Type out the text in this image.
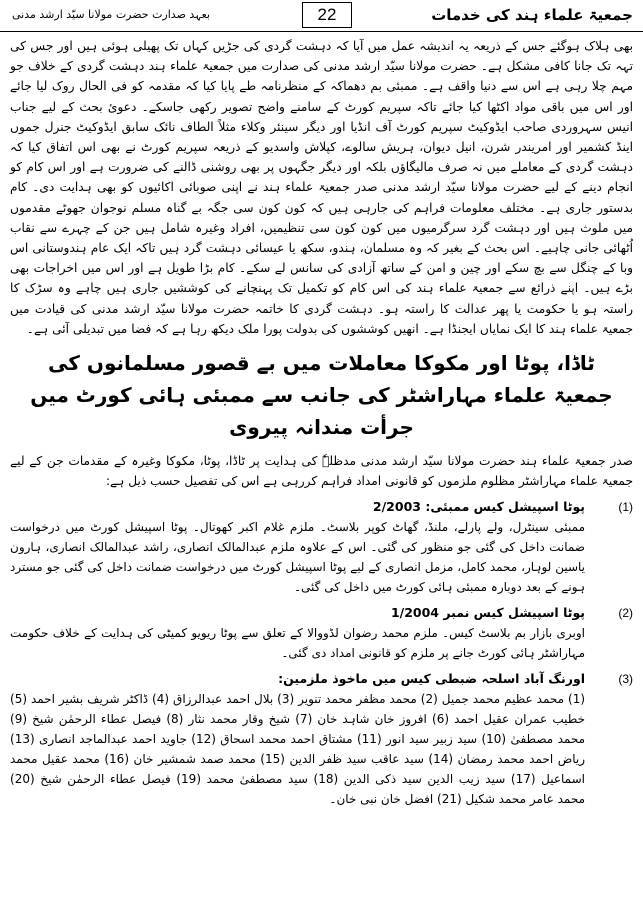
جمعیۃ علماء ہند کی خدمات
22
بعہد صدارت حضرت مولانا سیّد ارشد مدنی

بھی ہلاک ہوگئے جس کے ذریعہ یہ اندیشہ عمل میں آیا کہ دہشت گردی کی جڑیں کہاں تک پھیلی ہوئی ہیں اور جس کی تہہ تک جانا کافی مشکل ہے۔ حضرت مولانا سیّد ارشد مدنی کی صدارت میں جمعیۃ علماء ہند دہشت گردی کے خلاف جو مہم چلا رہی ہے اس سے دنیا واقف ہے۔ ممبئی بم دھماکہ کے منظرنامہ طے پایا کیا کہ مقدمہ کو فی الحال روک لیا جائے اور اس میں باقی مواد اکٹھا کیا جائے تاکہ سپریم کورٹ کے سامنے واضح تصویر رکھی جاسکے۔ دعوئ بحث کے لیے جناب انیس سہروردی صاحب ایڈوکیٹ سپریم کورٹ آف انڈیا اور دیگر سینئر وکلاء مثلاً الطاف نائک سابق ایڈوکیٹ جنرل جموں اینڈ کشمیر اور امریندر شرن، انیل دیوان، ہریش سالوے، کپلاش واسدیو کے ذریعہ سپریم کورٹ نے بھی اس اتفاق کیا کہ دہشت گردی کے معاملے میں نہ صرف مالیگاؤں بلکہ اور دیگر جگہوں پر بھی روشنی ڈالنے کی ضرورت ہے اور اس کام کو انجام دینے کے لیے حضرت مولانا سیّد ارشد مدنی صدر جمعیۃ علماء ہند نے اپنی صوبائی اکائیوں کو بھی ہدایت دی۔ کام بدستور جاری ہے۔ مختلف معلومات فراہم کی جارہی ہیں کہ کون کون سی جگہ بے گناہ مسلم نوجوان جھوٹے مقدموں میں ملوث ہیں اور دہشت گرد سرگرمیوں میں کون کون سی تنظیمیں، افراد وغیرہ شامل ہیں جن کے چہرے سے نقاب اُٹھائی جانی چاہیے۔ اس بحث کے بغیر کہ وہ مسلمان، ہندو، سکھ یا عیسائی دہشت گرد ہیں تاکہ ایک عام ہندوستانی اس وبا کے چنگل سے بچ سکے اور چین و امن کے ساتھ آزادی کی سانس لے سکے۔ کام بڑا طویل ہے اور اس میں اخراجات بھی بڑے ہیں۔ اپنے ذرائع سے جمعیۃ علماء ہند کی اس کام کو تکمیل تک پہنچانے کی کوششیں جاری ہیں چاہے وہ سڑک کا راستہ ہو یا حکومت یا پھر عدالت کا راستہ ہو۔ دہشت گردی کا خاتمہ حضرت مولانا سیّد ارشد مدنی کی قیادت میں جمعیۃ علماء ہند کا ایک نمایاں ایجنڈا ہے۔ انھیں کوششوں کی بدولت پورا ملک دیکھ رہا ہے کہ فضا میں تبدیلی آئی ہے۔

ٹاڈا، پوٹا اور مکوکا معاملات میں بے قصور مسلمانوں کی

جمعیۃ علماء مہاراشٹر کی جانب سے ممبئی ہائی کورٹ میں جرأت مندانہ پیروی

صدر جمعیۃ علماء ہند حضرت مولانا سیّد ارشد مدنی مدظلہٗ کی ہدایت پر ٹاڈا، پوٹا، مکوکا وغیرہ کے مقدمات جن کے لیے جمعیۃ علماء مہاراشٹر مظلوم ملزموں کو قانونی امداد فراہم کررہی ہے اس کی تفصیل حسب ذیل ہے:

(1)

پوٹا اسپیشل کیس ممبئی: 2/2003

ممبئی سینٹرل، ولے پارلے، ملنڈ، گھاٹ کوپر بلاسٹ۔ ملزم غلام اکبر کھوتال۔ پوٹا اسپیشل کورٹ میں درخواست ضمانت داخل کی گئی جو منظور کی گئی۔ اس کے علاوہ ملزم عبدالمالک انصاری، راشد عبدالمالک انصاری، ہارون یاسین لوہار، محمد کامل، مزمل انصاری کے لیے پوٹا اسپیشل کورٹ میں درخواست ضمانت داخل کی گئی جو مسترد ہونے کے بعد دوبارہ ممبئی ہائی کورٹ میں داخل کی گئی۔

(2)

پوٹا اسپیشل کیس نمبر 1/2004

اوبری بازار بم بلاسٹ کیس۔ ملزم محمد رضوان لڈووالا کے تعلق سے پوٹا ریویو کمیٹی کی ہدایت کے خلاف حکومت مہاراشٹر ہائی کورٹ جانے پر ملزم کو قانونی امداد دی گئی۔

(3)

اورنگ آباد اسلحہ ضبطی کیس میں ماخوذ ملزمین:

(1) محمد عظیم محمد جمیل (2) محمد مظفر محمد تنویر (3) بلال احمد عبدالرزاق (4) ڈاکٹر شریف بشیر احمد (5) خطیب عمران عقیل احمد (6) افروز خان شاہد خان (7) شیخ وقار محمد نثار (8) فیصل عطاء الرحمٰن شیخ (9) محمد مصطفیٰ (10) سید زبیر سید انور (11) مشتاق احمد محمد اسحاق (12) جاوید احمد عبدالماجد انصاری (13) ریاض احمد محمد رمضان (14) سید عاقب سید ظفر الدین (15) محمد صمد شمشیر خان (16) محمد عقیل محمد اسماعیل (17) سید زیب الدین سید ذکی الدین (18) سید مصطفیٰ محمد (19) فیصل عطاء الرحمٰن شیخ (20) محمد عامر محمد شکیل (21) افضل خان نبی خان۔
